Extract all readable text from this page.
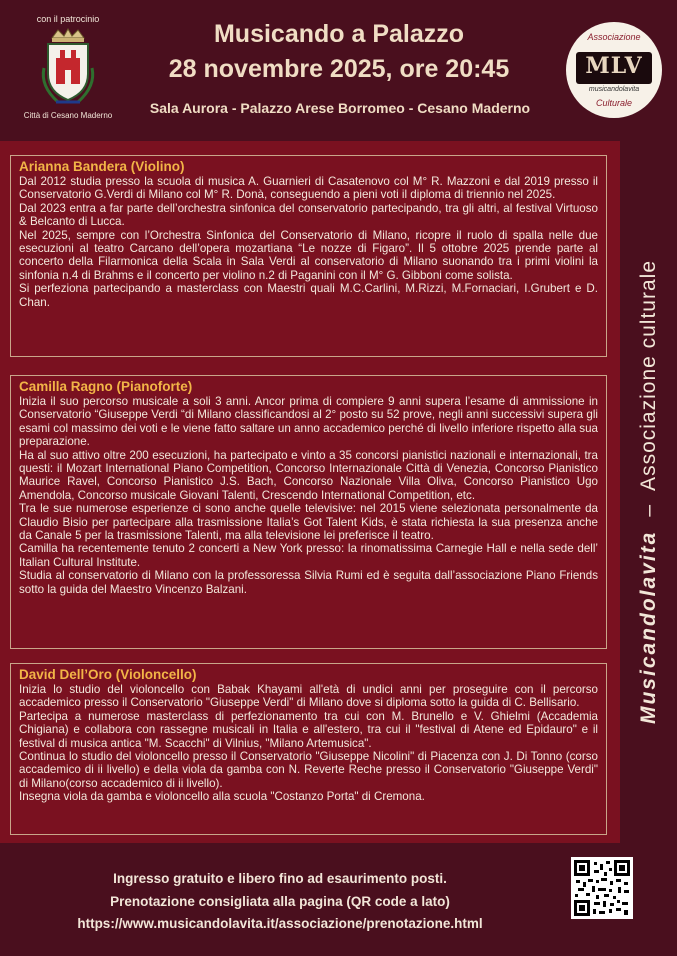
con il patrocinio

Città di Cesano Maderno

Musicando a Palazzo
28 novembre 2025, ore 20:45

Sala Aurora - Palazzo Arese Borromeo - Cesano Maderno

Associazione
MLV
musicandolavita
Culturale
Arianna Bandera (Violino)

Dal 2012 studia presso la scuola di musica A. Guarnieri di Casatenovo col M° R. Mazzoni e dal 2019 presso il Conservatorio G.Verdi di Milano col M° R. Donà, conseguendo a pieni voti il diploma di triennio nel 2025.

Dal 2023 entra a far parte dell’orchestra sinfonica del conservatorio partecipando, tra gli altri, al festival Virtuoso & Belcanto di Lucca.

Nel 2025, sempre con l’Orchestra Sinfonica del Conservatorio di Milano, ricopre il ruolo di spalla nelle due esecuzioni al teatro Carcano dell’opera mozartiana “Le nozze di Figaro”. Il 5 ottobre 2025 prende parte al concerto della Filarmonica della Scala in Sala Verdi al conservatorio di Milano suonando tra i primi violini la sinfonia n.4 di Brahms e il concerto per violino n.2 di Paganini con il M° G. Gibboni come solista.

Si perfeziona partecipando a masterclass con Maestri quali M.C.Carlini, M.Rizzi, M.Fornaciari, I.Grubert e D. Chan.

Camilla Ragno (Pianoforte)

Inizia il suo percorso musicale a soli 3 anni. Ancor prima di compiere 9 anni supera l’esame di ammissione in Conservatorio “Giuseppe Verdi “di Milano classificandosi al 2° posto su 52 prove, negli anni successivi supera gli esami col massimo dei voti e le viene fatto saltare un anno accademico perché di livello inferiore rispetto alla sua preparazione.

Ha al suo attivo oltre 200 esecuzioni, ha partecipato e vinto a 35 concorsi pianistici nazionali e internazionali, tra questi: il Mozart International Piano Competition, Concorso Internazionale Città di Venezia, Concorso Pianistico Maurice Ravel, Concorso Pianistico J.S. Bach, Concorso Nazionale Villa Oliva, Concorso Pianistico Ugo Amendola, Concorso musicale Giovani Talenti, Crescendo International Competition, etc.

Tra le sue numerose esperienze ci sono anche quelle televisive: nel 2015 viene selezionata personalmente da Claudio Bisio per partecipare alla trasmissione Italia’s Got Talent Kids, è stata richiesta la sua presenza anche da Canale 5 per la trasmissione Talenti, ma alla televisione lei preferisce il teatro.

Camilla ha recentemente tenuto 2 concerti a New York presso: la rinomatissima Carnegie Hall e nella sede dell’ Italian Cultural Institute.

Studia al conservatorio di Milano con la professoressa Silvia Rumi ed è seguita dall’associazione Piano Friends sotto la guida del Maestro Vincenzo Balzani.

David Dell’Oro (Violoncello)

Inizia lo studio del violoncello con Babak Khayami all'età di undici anni per proseguire con il percorso accademico presso il Conservatorio "Giuseppe Verdi" di Milano dove si diploma sotto la guida di C. Bellisario.

Partecipa a numerose masterclass di perfezionamento tra cui con M. Brunello e V. Ghielmi (Accademia Chigiana) e collabora con rassegne musicali in Italia e all'estero, tra cui il "festival di Atene ed Epidauro" e il festival di musica antica "M. Scacchi" di Vilnius, "Milano Artemusica".

Continua lo studio del violoncello presso il Conservatorio "Giuseppe Nicolini" di Piacenza con J. Di Tonno (corso accademico di ii livello) e della viola da gamba con N. Reverte Reche presso il Conservatorio "Giuseppe Verdi" di Milano(corso accademico di ii livello).

Insegna viola da gamba e violoncello alla scuola "Costanzo Porta" di Cremona.

Musicandolavita–Associazione culturale

Ingresso gratuito e libero fino ad esaurimento posti.

Prenotazione consigliata alla pagina (QR code a lato)

https://www.musicandolavita.it/associazione/prenotazione.html
